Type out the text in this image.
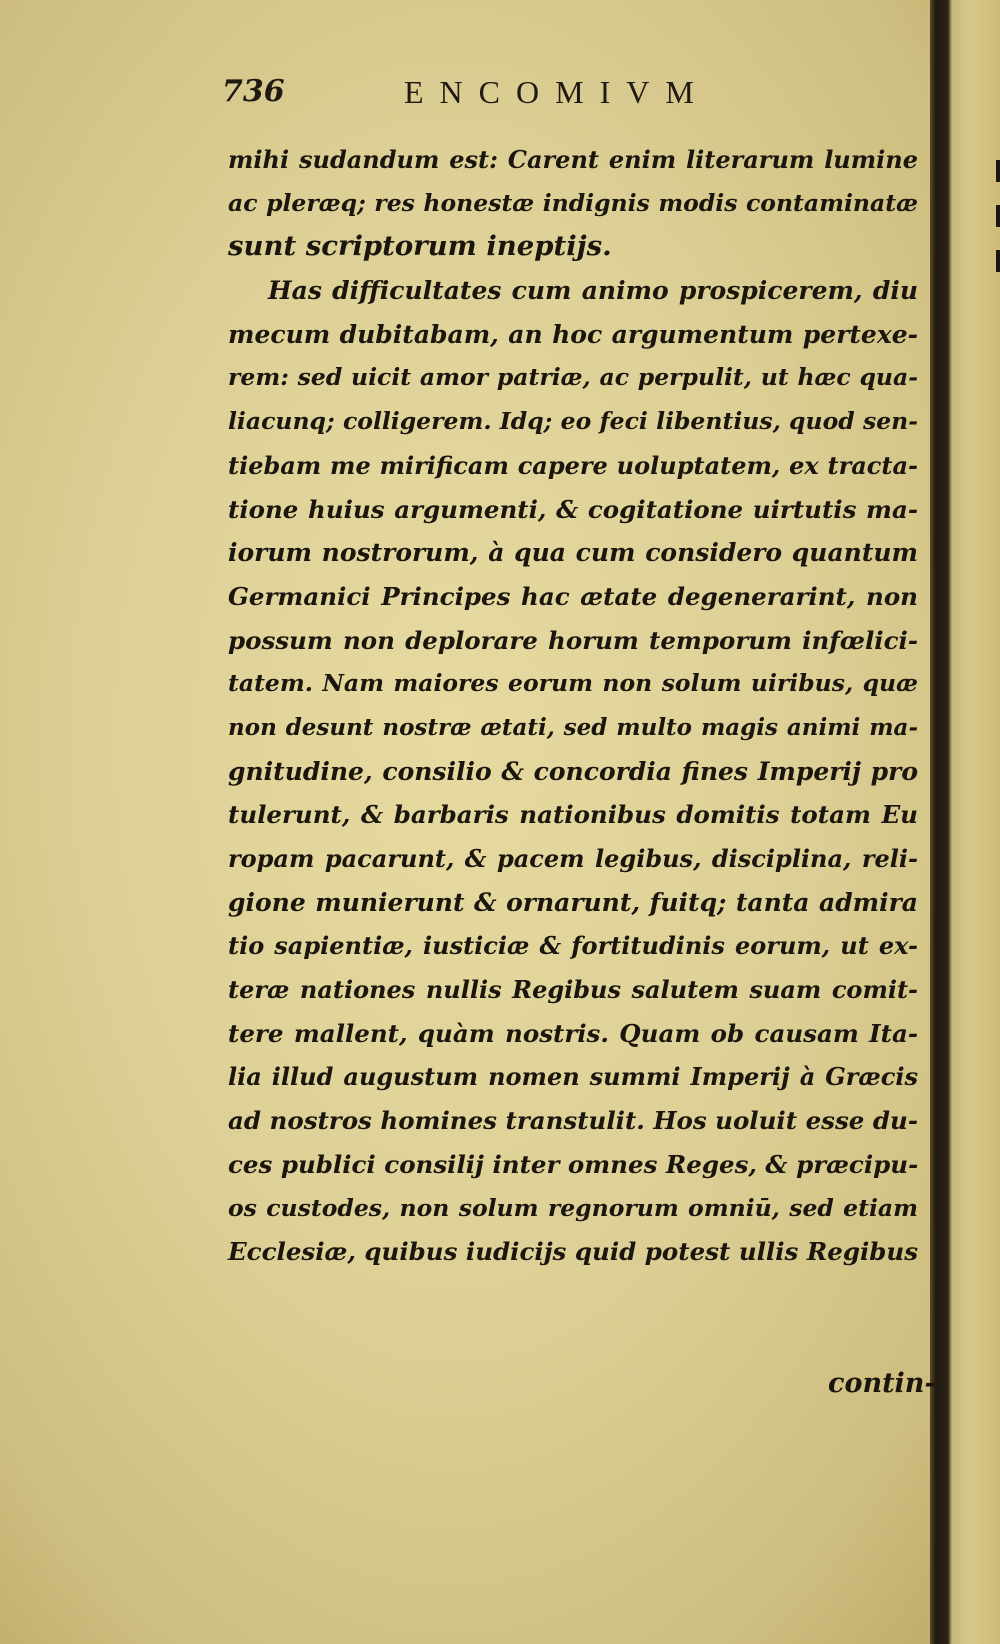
736	ENCOMIVM
mihi sudandum est: Carent enim literarum lumine
ac pleræq; res honestæ indignis modis contaminatæ
sunt scriptorum ineptijs.
Has difficultates cum animo prospicerem, diu
mecum dubitabam, an hoc argumentum pertexe-
rem: sed uicit amor patriæ, ac perpulit, ut hæc qua-
liacunq; colligerem. Idq; eo feci libentius, quod sen-
tiebam me mirificam capere uoluptatem, ex tracta-
tione huius argumenti, & cogitatione uirtutis ma-
iorum nostrorum, à qua cum considero quantum
Germanici Principes hac ætate degenerarint, non
possum non deplorare horum temporum infœlici-
tatem. Nam maiores eorum non solum uiribus, quæ
non desunt nostræ ætati, sed multo magis animi ma-
gnitudine, consilio & concordia fines Imperij pro
tulerunt, & barbaris nationibus domitis totam Eu
ropam pacarunt, & pacem legibus, disciplina, reli-
gione munierunt & ornarunt, fuitq; tanta admira
tio sapientiæ, iusticiæ & fortitudinis eorum, ut ex-
teræ nationes nullis Regibus salutem suam comit-
tere mallent, quàm nostris. Quam ob causam Ita-
lia illud augustum nomen summi Imperij à Græcis
ad nostros homines transtulit. Hos uoluit esse du-
ces publici consilij inter omnes Reges, & præcipu-
os custodes, non solum regnorum omniū, sed etiam
Ecclesiæ, quibus iudicijs quid potest ullis Regibus
contin-
